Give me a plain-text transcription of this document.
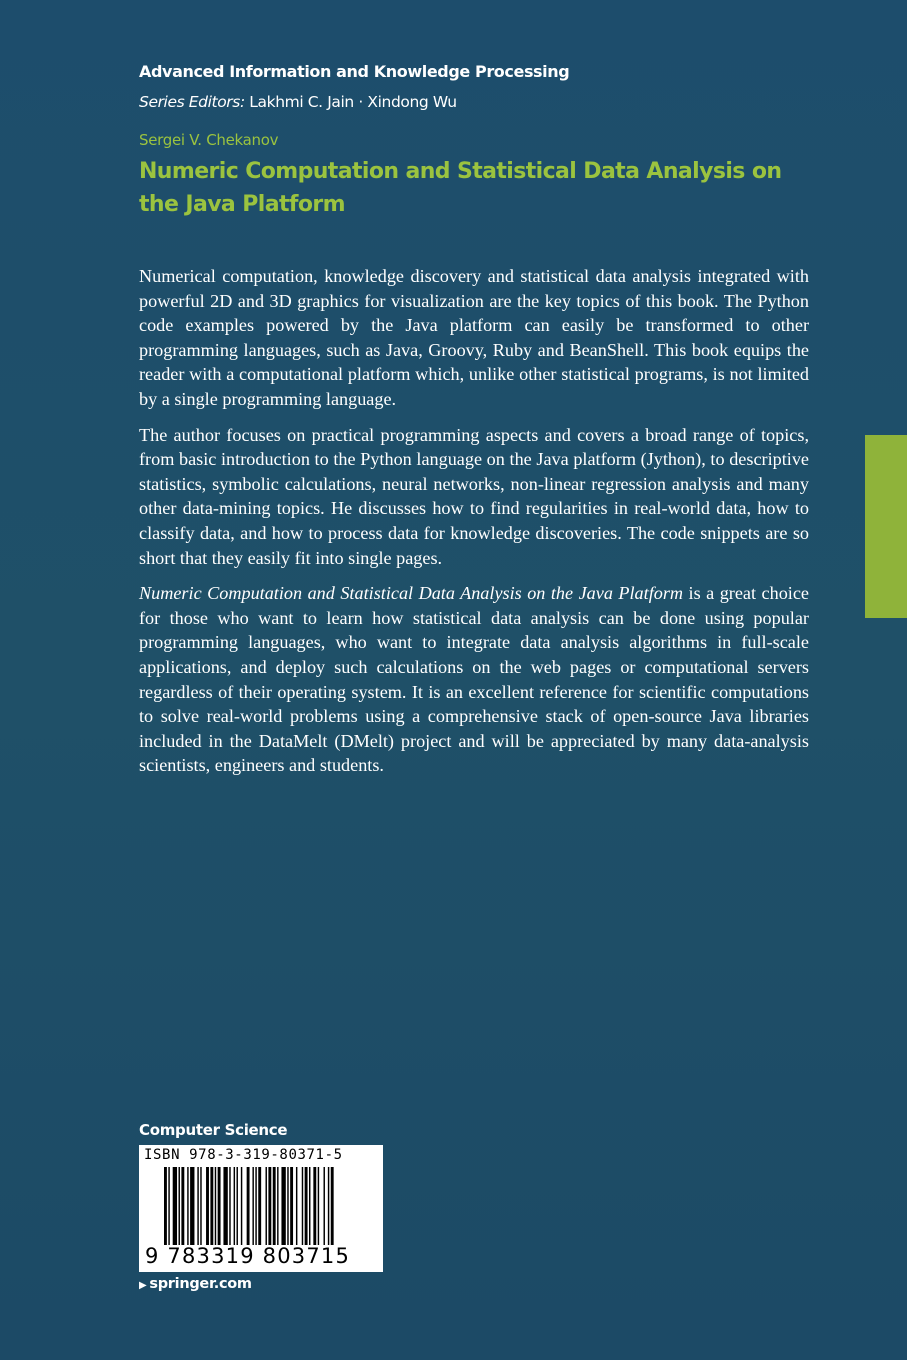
Advanced Information and Knowledge Processing
Series Editors: Lakhmi C. Jain · Xindong Wu
Sergei V. Chekanov
Numeric Computation and Statistical Data Analysis on the Java Platform

Numerical computation, knowledge discovery and statistical data analysis integrated with powerful 2D and 3D graphics for visualization are the key topics of this book. The Python code examples powered by the Java platform can easily be transformed to other programming languages, such as Java, Groovy, Ruby and BeanShell. This book equips the reader with a computational platform which, unlike other statistical programs, is not limited by a single programming language.

The author focuses on practical programming aspects and covers a broad range of topics, from basic introduction to the Python language on the Java platform (Jython), to descriptive statistics, symbolic calculations, neural networks, non-linear regression analysis and many other data-mining topics. He discusses how to find regularities in real-world data, how to classify data, and how to process data for knowledge discoveries. The code snippets are so short that they easily fit into single pages.

Numeric Computation and Statistical Data Analysis on the Java Platform is a great choice for those who want to learn how statistical data analysis can be done using popular programming languages, who want to integrate data analysis algorithms in full-scale applications, and deploy such calculations on the web pages or computational servers regardless of their operating system. It is an excellent reference for scientific computations to solve real-world problems using a comprehensive stack of open-source Java libraries included in the DataMelt (DMelt) project and will be appreciated by many data-analysis scientists, engineers and students.

Computer Science
ISBN 978-3-319-80371-5
9 783319 803715
▶ springer.com
